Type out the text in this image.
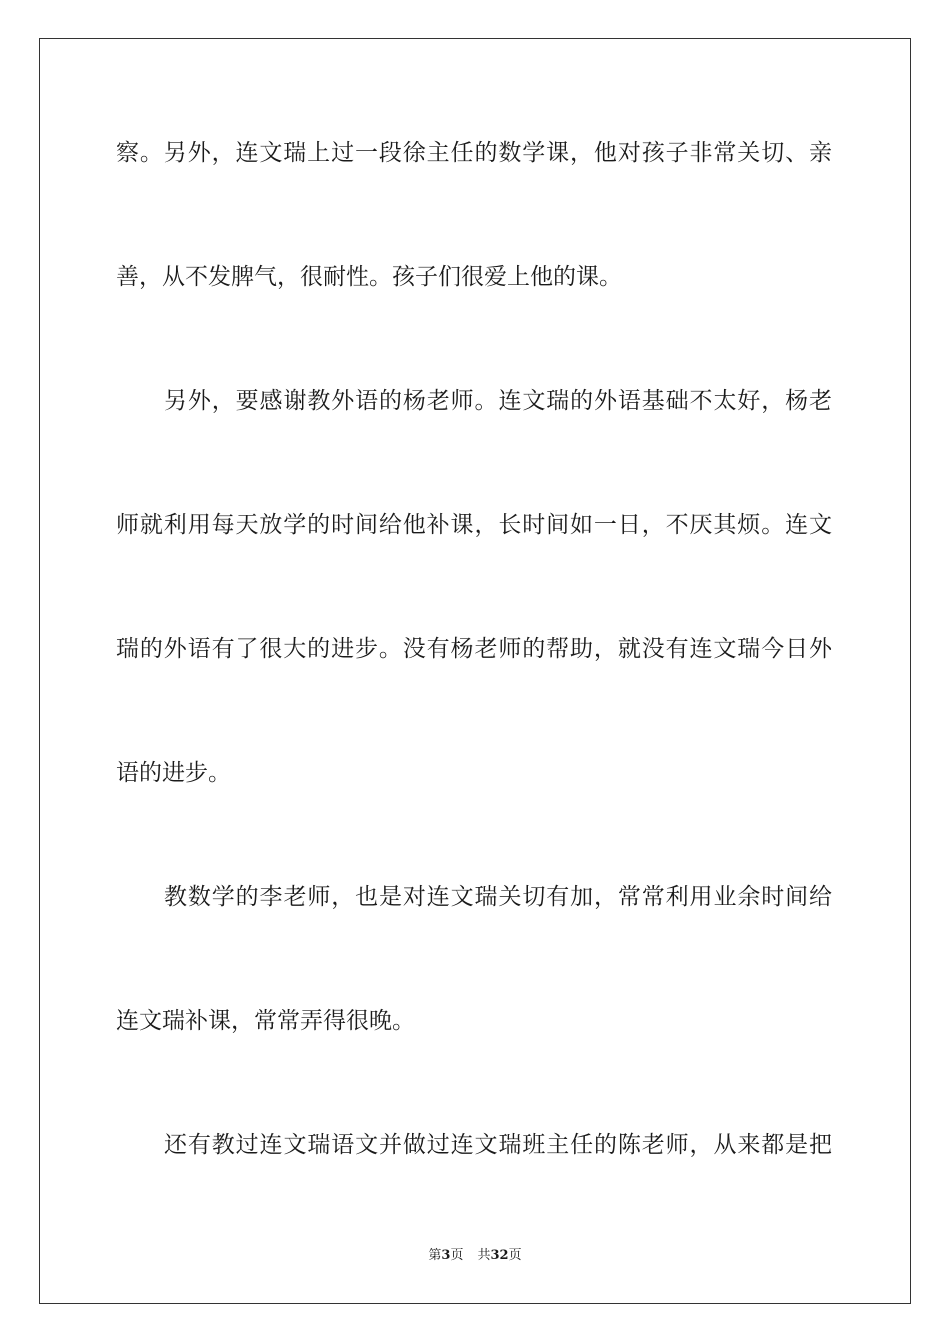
察。另外，连文瑞上过一段徐主任的数学课，他对孩子非常关切、亲
善，从不发脾气，很耐性。孩子们很爱上他的课。
另外，要感谢教外语的杨老师。连文瑞的外语基础不太好，杨老
师就利用每天放学的时间给他补课，长时间如一日，不厌其烦。连文
瑞的外语有了很大的进步。没有杨老师的帮助，就没有连文瑞今日外
语的进步。
教数学的李老师，也是对连文瑞关切有加，常常利用业余时间给
连文瑞补课，常常弄得很晚。
还有教过连文瑞语文并做过连文瑞班主任的陈老师，从来都是把
第3页 共32页
